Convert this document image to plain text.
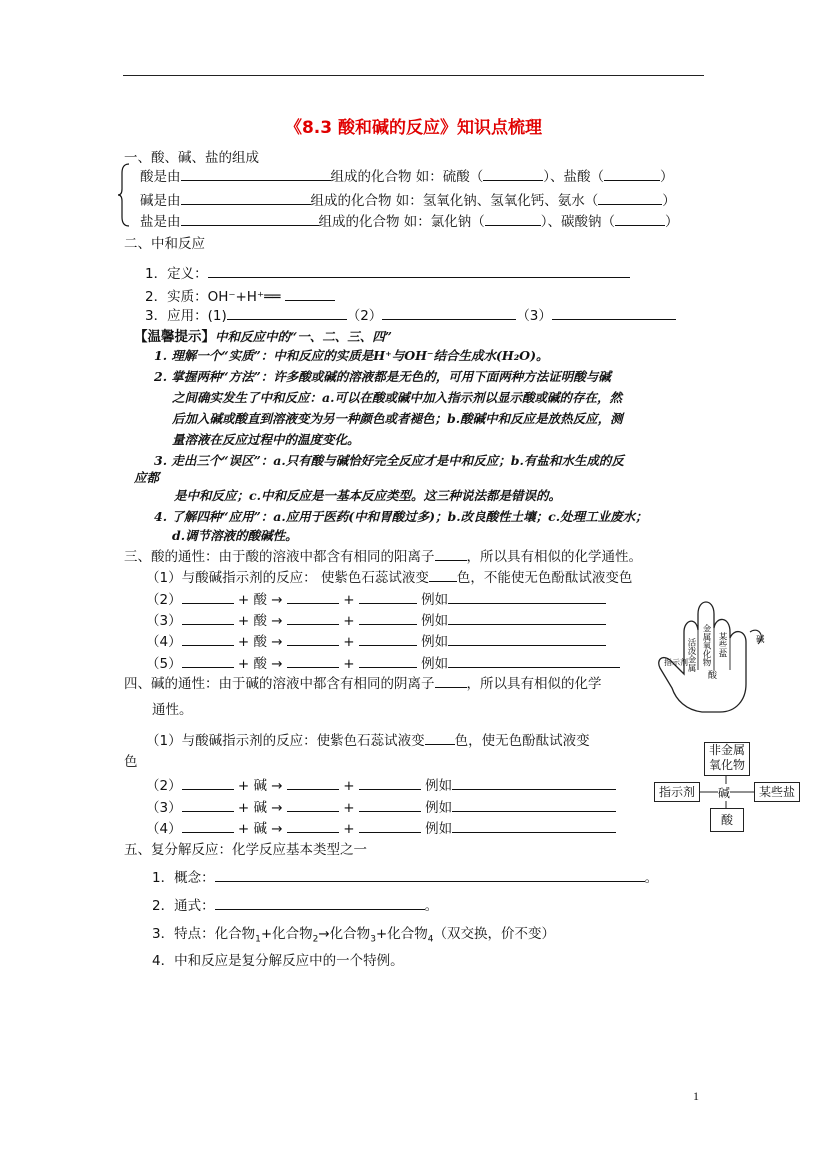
《8.3 酸和碱的反应》知识点梳理
一、酸、碱、盐的组成
酸是由	组成的化合物 如：硫酸（	）、盐酸（	）
碱是由	组成的化合物 如：氢氧化钠、氢氧化钙、氨水（	）
盐是由	组成的化合物 如：氯化钠（	）、碳酸钠（	）
二、中和反应
1．定义：
2．实质：OH⁻+H⁺══
3．应用：(1)	（2）	（3）
【温馨提示】中和反应中的“一、二、三、四”
1. 理解一个“实质”：中和反应的实质是H⁺与OH⁻结合生成水(H₂O)。
2. 掌握两种“方法”：许多酸或碱的溶液都是无色的，可用下面两种方法证明酸与碱
之间确实发生了中和反应：a.可以在酸或碱中加入指示剂以显示酸或碱的存在，然
后加入碱或酸直到溶液变为另一种颜色或者褪色；b.酸碱中和反应是放热反应，测
量溶液在反应过程中的温度变化。
3. 走出三个“误区”：a.只有酸与碱恰好完全反应才是中和反应；b.有盐和水生成的反
应都
是中和反应；c.中和反应是一基本反应类型。这三种说法都是错误的。
4. 了解四种“应用”：a.应用于医药(中和胃酸过多)；b.改良酸性土壤；c.处理工业废水；
d.调节溶液的酸碱性。
三、酸的通性：由于酸的溶液中都含有相同的阳离子 ，所以具有相似的化学通性。
（1）与酸碱指示剂的反应： 使紫色石蕊试液变 色，不能使无色酚酞试液变色
（2）	+ 酸 →	+	例如
（3）	+ 酸 →	+	例如
（4）	+ 酸 →	+	例如
（5）	+ 酸 →	+	例如	活泼金属 金属氧化物 某些盐	碱
指示剂
酸
四、碱的通性：由于碱的溶液中都含有相同的阴离子 ，所以具有相似的化学
通性。
（1）与酸碱指示剂的反应：使紫色石蕊试液变 色，使无色酚酞试液变
色
（2）	+ 碱 →	+	例如
（3）	+ 碱 →	+	例如
（4）	+ 碱 →	+	例如
非金属
氧化物
指示剂	碱	某些盐
酸
五、复分解反应：化学反应基本类型之一
1．概念：	。
2．通式：	。
3．特点：化合物$_1$+化合物$_2$→化合物$_3$+化合物$_4$（双交换，价不变）
4．中和反应是复分解反应中的一个特例。
1
